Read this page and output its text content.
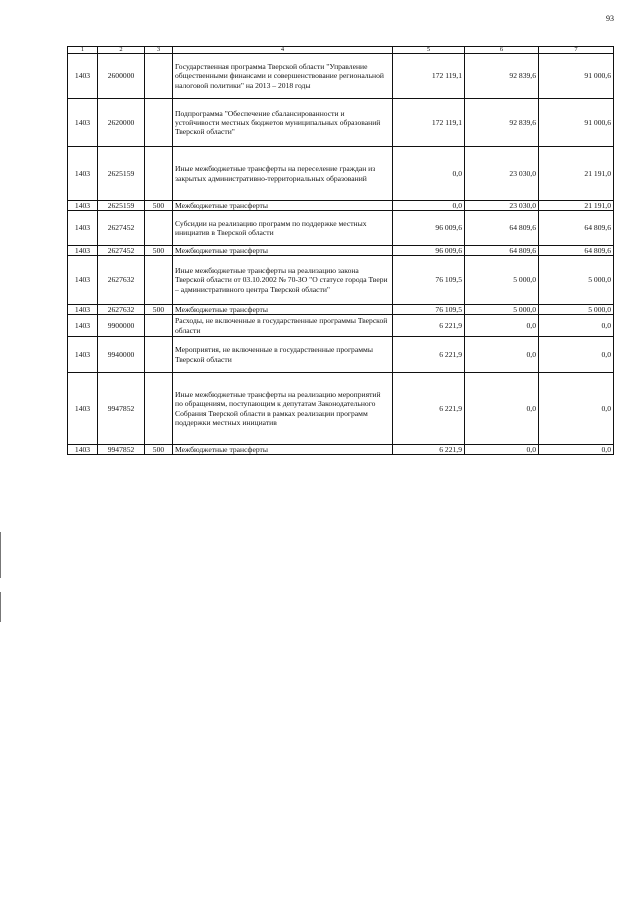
93
1	2	3	4	5	6	7
1403	2600000		Государственная программа Тверской области "Управление общественными финансами и совершенствование региональной налоговой политики" на 2013 – 2018 годы	172 119,1	92 839,6	91 000,6
1403	2620000		Подпрограмма "Обеспечение сбалансированности и устойчивости местных бюджетов муниципальных образований Тверской области"	172 119,1	92 839,6	91 000,6
1403	2625159		Иные межбюджетные трансферты на переселение граждан из закрытых административно-территориальных образований	0,0	23 030,0	21 191,0
1403	2625159	500	Межбюджетные трансферты	0,0	23 030,0	21 191,0
1403	2627452		Субсидии на реализацию программ по поддержке местных инициатив в Тверской области	96 009,6	64 809,6	64 809,6
1403	2627452	500	Межбюджетные трансферты	96 009,6	64 809,6	64 809,6
1403	2627632		Иные межбюджетные трансферты на реализацию закона Тверской области от 03.10.2002 № 70-ЗО "О статусе города Твери – административного центра Тверской области"	76 109,5	5 000,0	5 000,0
1403	2627632	500	Межбюджетные трансферты	76 109,5	5 000,0	5 000,0
1403	9900000		Расходы, не включенные в государственные программы Тверской области	6 221,9	0,0	0,0
1403	9940000		Мероприятия, не включенные в государственные программы Тверской области	6 221,9	0,0	0,0
1403	9947852		Иные межбюджетные трансферты на реализацию мероприятий по обращениям, поступающим к депутатам Законодательного Собрания Тверской области в рамках реализации программ поддержки местных инициатив	6 221,9	0,0	0,0
1403	9947852	500	Межбюджетные трансферты	6 221,9	0,0	0,0
